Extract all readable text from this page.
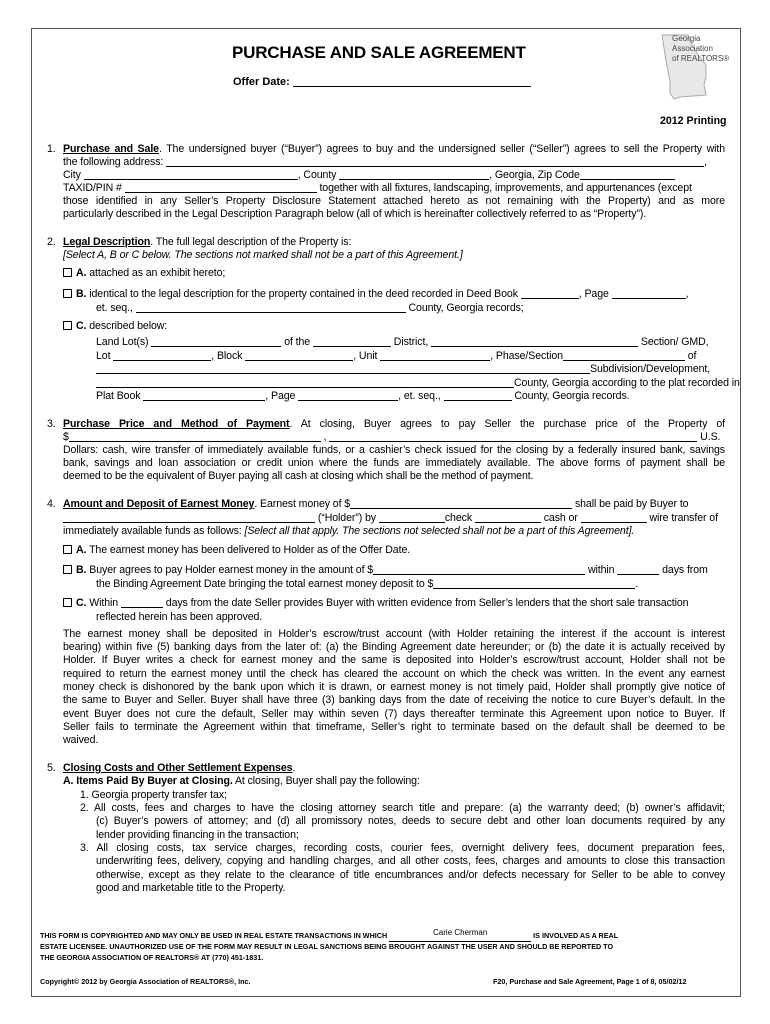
PURCHASE AND SALE AGREEMENT
Offer Date:
Georgia
Association
of REALTORS®
2012 Printing
1. Purchase and Sale. The undersigned buyer (“Buyer”) agrees to buy and the undersigned seller (“Seller”) agrees to sell the Property with
the following address:	,
City	, County	, Georgia, Zip Code
TAXID/PIN #	together with all fixtures, landscaping, improvements, and appurtenances (except
those identified in any Seller’s Property Disclosure Statement attached hereto as not remaining with the Property) and as more
particularly described in the Legal Description Paragraph below (all of which is hereinafter collectively referred to as “Property”).
2. Legal Description. The full legal description of the Property is:
[Select A, B or C below. The sections not marked shall not be a part of this Agreement.]
A. attached as an exhibit hereto;
B. identical to the legal description for the property contained in the deed recorded in Deed Book	, Page	,
et. seq.,	County, Georgia records;
C. described below:
Land Lot(s)	of the	District,	Section/ GMD,
Lot	, Block	, Unit	, Phase/Section	of
Subdivision/Development,
County, Georgia according to the plat recorded in
Plat Book	, Page	, et. seq.,	County, Georgia records.
3. Purchase Price and Method of Payment. At closing, Buyer agrees to pay Seller the purchase price of the Property of
$	,	U.S.
Dollars: cash, wire transfer of immediately available funds, or a cashier’s check issued for the closing by a federally insured bank, savings
bank, savings and loan association or credit union where the funds are immediately available. The above forms of payment shall be
deemed to be the equivalent of Buyer paying all cash at closing which shall be the method of payment.
4. Amount and Deposit of Earnest Money. Earnest money of $	shall be paid by Buyer to
(“Holder”) by	check	cash or	wire transfer of
immediately available funds as follows: [Select all that apply. The sections not selected shall not be a part of this Agreement].
A. The earnest money has been delivered to Holder as of the Offer Date.
B. Buyer agrees to pay Holder earnest money in the amount of $	within	days from
the Binding Agreement Date bringing the total earnest money deposit to $	.
C. Within	days from the date Seller provides Buyer with written evidence from Seller’s lenders that the short sale transaction
reflected herein has been approved.
The earnest money shall be deposited in Holder’s escrow/trust account (with Holder retaining the interest if the account is interest
bearing) within five (5) banking days from the later of: (a) the Binding Agreement date hereunder; or (b) the date it is actually received by
Holder. If Buyer writes a check for earnest money and the same is deposited into Holder’s escrow/trust account, Holder shall not be
required to return the earnest money until the check has cleared the account on which the check was written. In the event any earnest
money check is dishonored by the bank upon which it is drawn, or earnest money is not timely paid, Holder shall promptly give notice of
the same to Buyer and Seller. Buyer shall have three (3) banking days from the date of receiving the notice to cure Buyer’s default. In the
event Buyer does not cure the default, Seller may within seven (7) days thereafter terminate this Agreement upon notice to Buyer. If
Seller fails to terminate the Agreement within that timeframe, Seller’s right to terminate based on the default shall be deemed to be
waived.
5. Closing Costs and Other Settlement Expenses.
A. Items Paid By Buyer at Closing. At closing, Buyer shall pay the following:
1. Georgia property transfer tax;
2. All costs, fees and charges to have the closing attorney search title and prepare: (a) the warranty deed; (b) owner’s affidavit;
(c) Buyer’s powers of attorney; and (d) all promissory notes, deeds to secure debt and other loan documents required by any
lender providing financing in the transaction;
3. All closing costs, tax service charges, recording costs, courier fees, overnight delivery fees, document preparation fees,
underwriting fees, delivery, copying and handling charges, and all other costs, fees, charges and amounts to close this transaction
otherwise, except as they relate to the clearance of title encumbrances and/or defects necessary for Seller to be able to convey
good and marketable title to the Property.
THIS FORM IS COPYRIGHTED AND MAY ONLY BE USED IN REAL ESTATE TRANSACTIONS IN WHICH	Carie Cherman	IS INVOLVED AS A REAL
ESTATE LICENSEE. UNAUTHORIZED USE OF THE FORM MAY RESULT IN LEGAL SANCTIONS BEING BROUGHT AGAINST THE USER AND SHOULD BE REPORTED TO
THE GEORGIA ASSOCIATION OF REALTORS® AT (770) 451-1831.
Copyright© 2012 by Georgia Association of REALTORS®, Inc.	F20, Purchase and Sale Agreement, Page 1 of 8, 05/02/12
